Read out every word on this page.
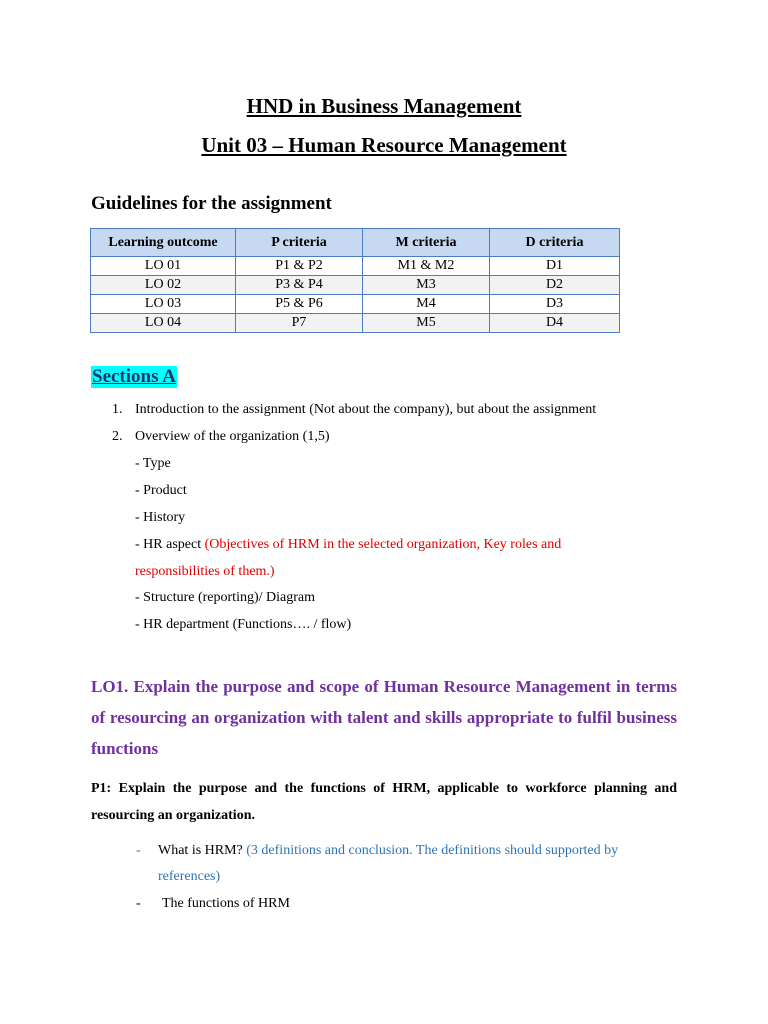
HND in Business Management
Unit 03 – Human Resource Management
Guidelines for the assignment
Learning outcome	P criteria	M criteria	D criteria
LO 01	P1 & P2	M1 & M2	D1
LO 02	P3 & P4	M3	D2
LO 03	P5 & P6	M4	D3
LO 04	P7	M5	D4
Sections A
1. Introduction to the assignment (Not about the company), but about the assignment
2. Overview of the organization (1,5)
- Type
- Product
- History
- HR aspect (Objectives of HRM in the selected organization, Key roles and
responsibilities of them.)
- Structure (reporting)/ Diagram
- HR department (Functions…. / flow)
LO1. Explain the purpose and scope of Human Resource Management in terms of resourcing an organization with talent and skills appropriate to fulfil business functions
P1: Explain the purpose and the functions of HRM, applicable to workforce planning and resourcing an organization.
- What is HRM? (3 definitions and conclusion. The definitions should supported by
references)
- The functions of HRM
